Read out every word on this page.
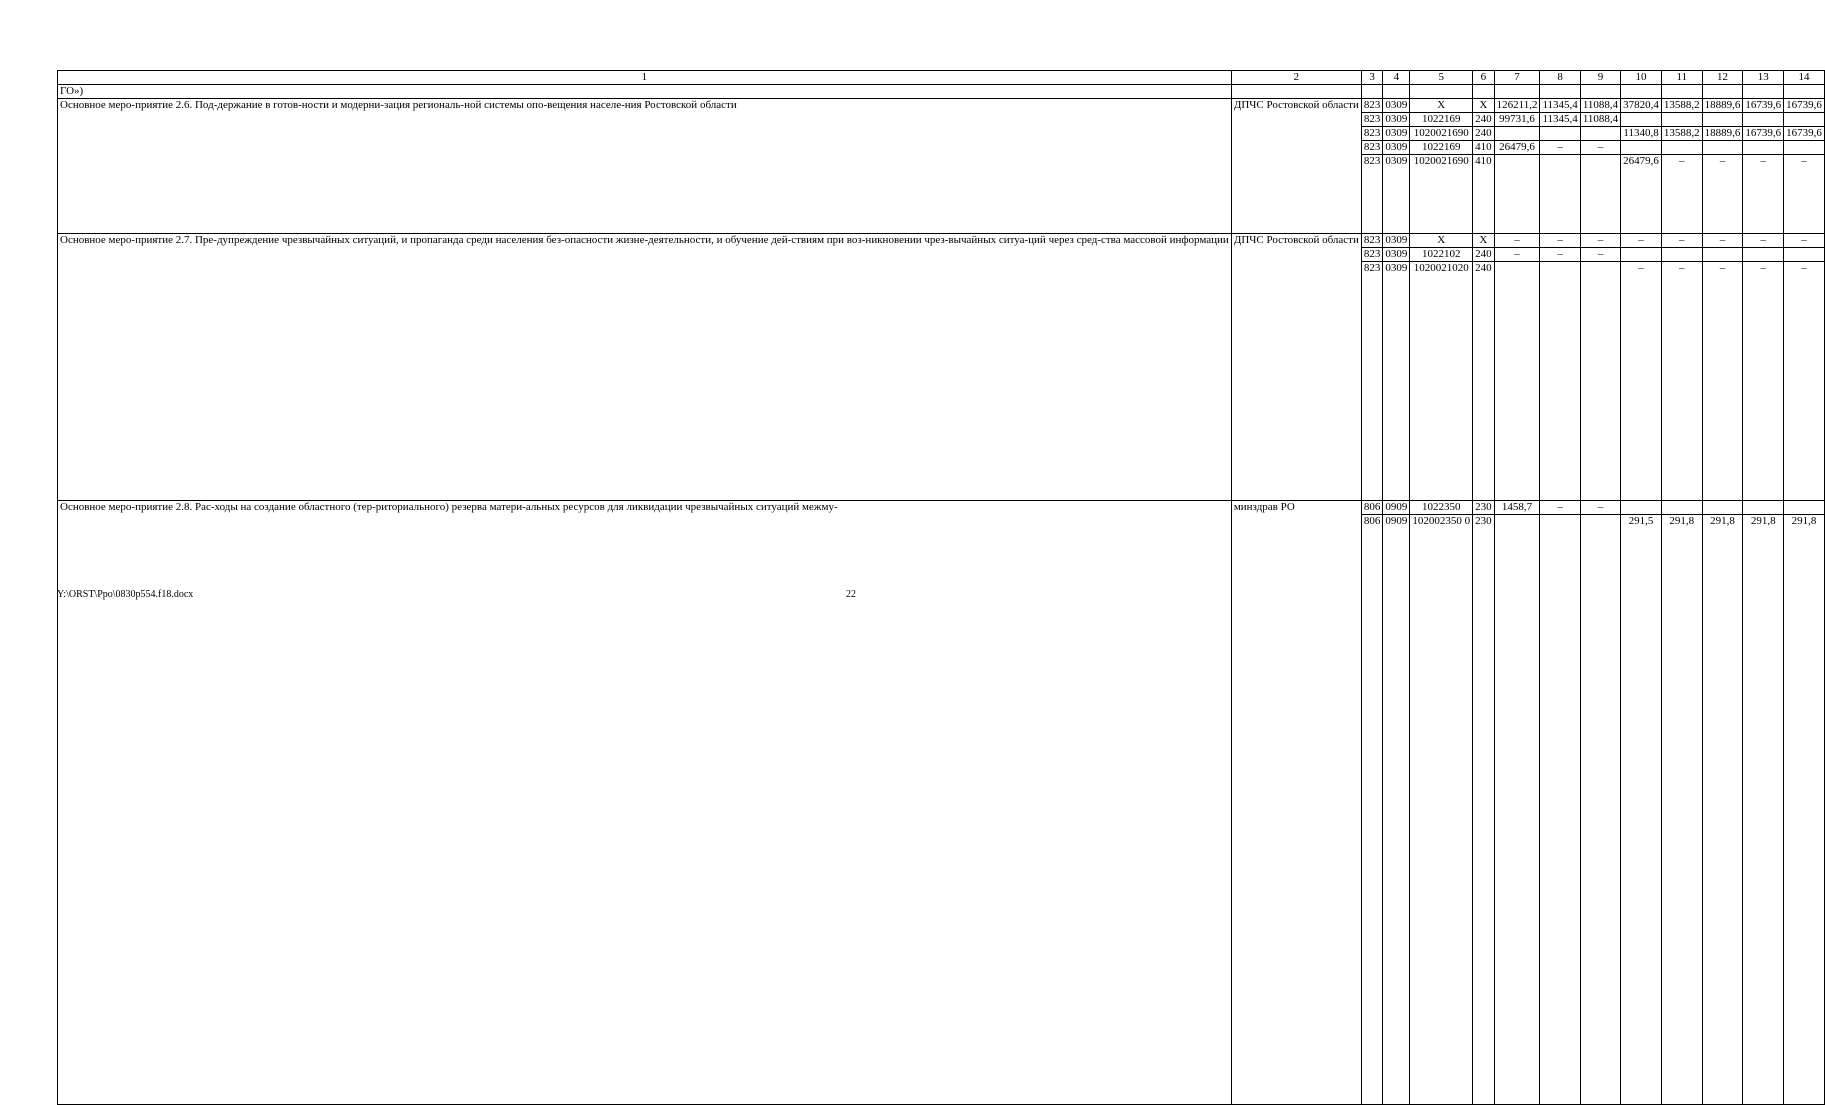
1	2	3	4	5	6	7	8	9	10	11	12	13	14
ГО»)													
Основное меро-приятие 2.6. Под-держание в готов-ности и модерни-зация региональ-ной системы опо-вещения населе-ния Ростовской области	ДПЧС Ростовской области	823	0309	Х	Х	126211,2	11345,4	11088,4	37820,4	13588,2	18889,6	16739,6	16739,6
		823	0309	1022169	240	99731,6	11345,4	11088,4					
		823	0309	1020021690	240				11340,8	13588,2	18889,6	16739,6	16739,6
		823	0309	1022169	410	26479,6	–	–					
		823	0309	1020021690	410				26479,6	–	–	–	–
Основное меро-приятие 2.7. Пре-дупреждение чрезвычайных ситуаций, и пропаганда среди населения без-опасности жизне-деятельности, и обучение дей-ствиям при воз-никновении чрез-вычайных ситуа-ций через сред-ства массовой информации	ДПЧС Ростовской области	823	0309	Х	Х	–	–	–	–	–	–	–	–
		823	0309	1022102	240	–	–	–					
		823	0309	1020021020	240				–	–	–	–	–
Основное меро-приятие 2.8. Рас-ходы на создание областного (тер-риториального) резерва матери-альных ресурсов для ликвидации чрезвычайных ситуаций межму-	минздрав РО	806	0909	1022350	230	1458,7	–	–					
		806	0909	102002350 0	230				291,5	291,8	291,8	291,8	291,8
Y:\ORST\Ppo\0830p554.f18.docx	22
